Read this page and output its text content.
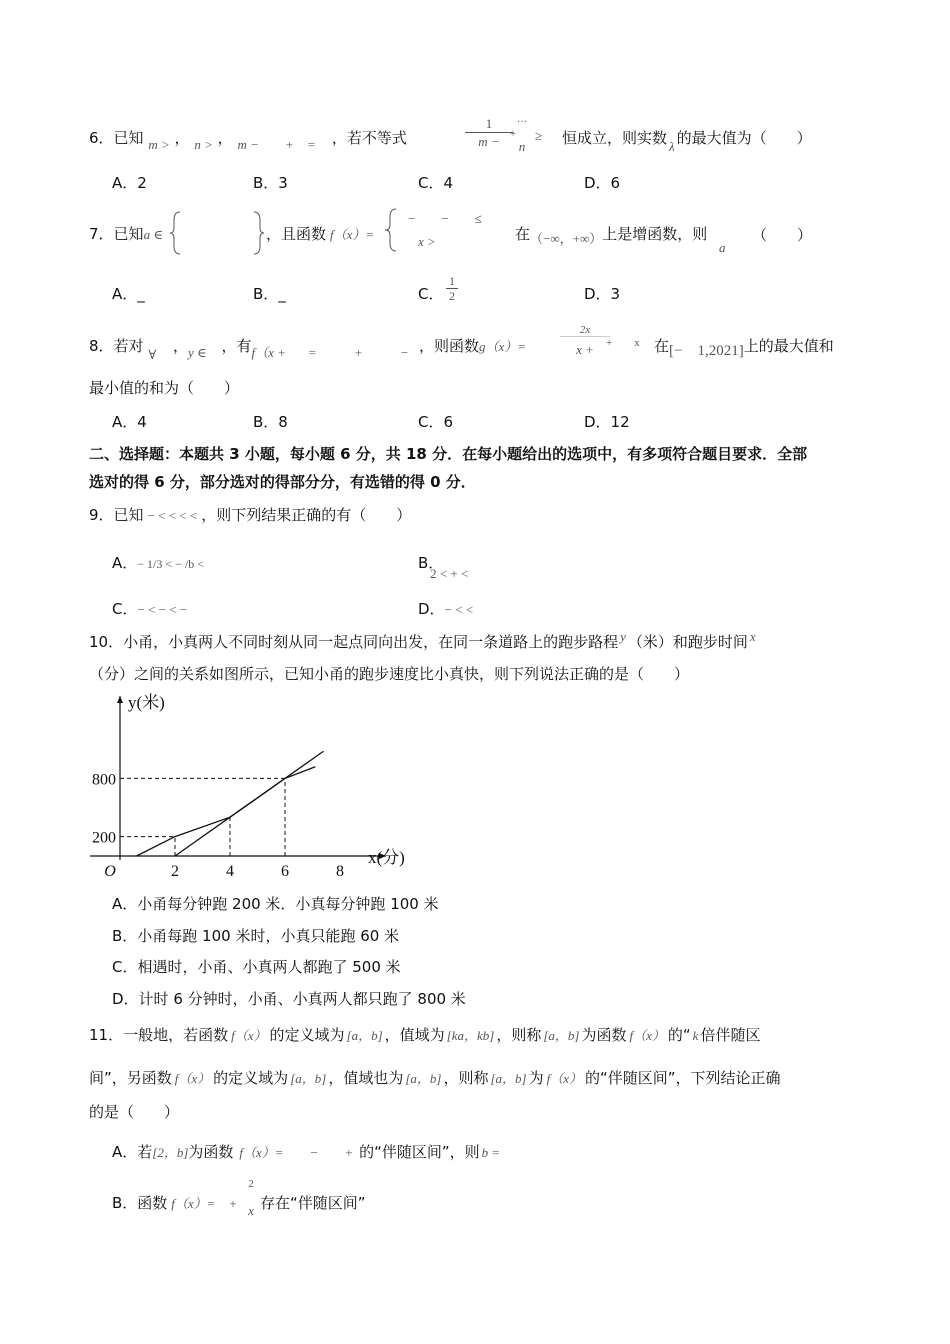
6．已知 m > ， n > ， m − + = ，若不等式
1
m − +
···
n
≥ 恒成立，则实数 λ 的最大值为（　　）
A．2	B．3	C．4	D．6
7．已知a ∈	，且函数 f（x）=
−　　−　　≤
x >	在（−∞，+∞）上是增函数，则
a
（　　）
A．_	B．_	C．
1
2	D．3
8．若对 ∀ ，y ∈ ，有f（x + =	+	− ，则函数g（x）=
2x
x +	+　　x 在[−　1,2021]上的最大值和
最小值的和为（　　）
A．4	B．8	C．6	D．12
二、选择题：本题共 3 小题，每小题 6 分，共 18 分．在每小题给出的选项中，有多项符合题目要求．全部
选对的得 6 分，部分选对的得部分分，有选错的得 0 分．
9．已知 − < < < < ，则下列结果正确的有（　　）
A．− 1/3 < − /b <	B． 2 < + <
C．− < − < −	D．− < <
10．小甬，小真两人不同时刻从同一起点同向出发，在同一条道路上的跑步路程 y （米）和跑步时间 x
（分）之间的关系如图所示，已知小甬的跑步速度比小真快，则下列说法正确的是（　　）
2	4	6	8
200
800
O
x(分)
y(米)
A．小甬每分钟跑 200 米．小真每分钟跑 100 米
B．小甬每跑 100 米时，小真只能跑 60 米
C．相遇时，小甬、小真两人都跑了 500 米
D．计时 6 分钟时，小甬、小真两人都只跑了 800 米
11．一般地，若函数 f（x） 的定义域为 [a，b] ，值域为 [ka，kb] ，则称 [a，b] 为函数 f（x） 的“ k 倍伴随区
间”，另函数 f（x） 的定义域为 [a，b] ，值域也为 [a，b] ，则称 [a，b] 为 f（x） 的“伴随区间”，下列结论正确
的是（　　）
A．若[2，b]为函数 f（x）=　　−　　+ 的“伴随区间”，则 b =
B．函数 f（x）=　+
2
x 存在“伴随区间”
